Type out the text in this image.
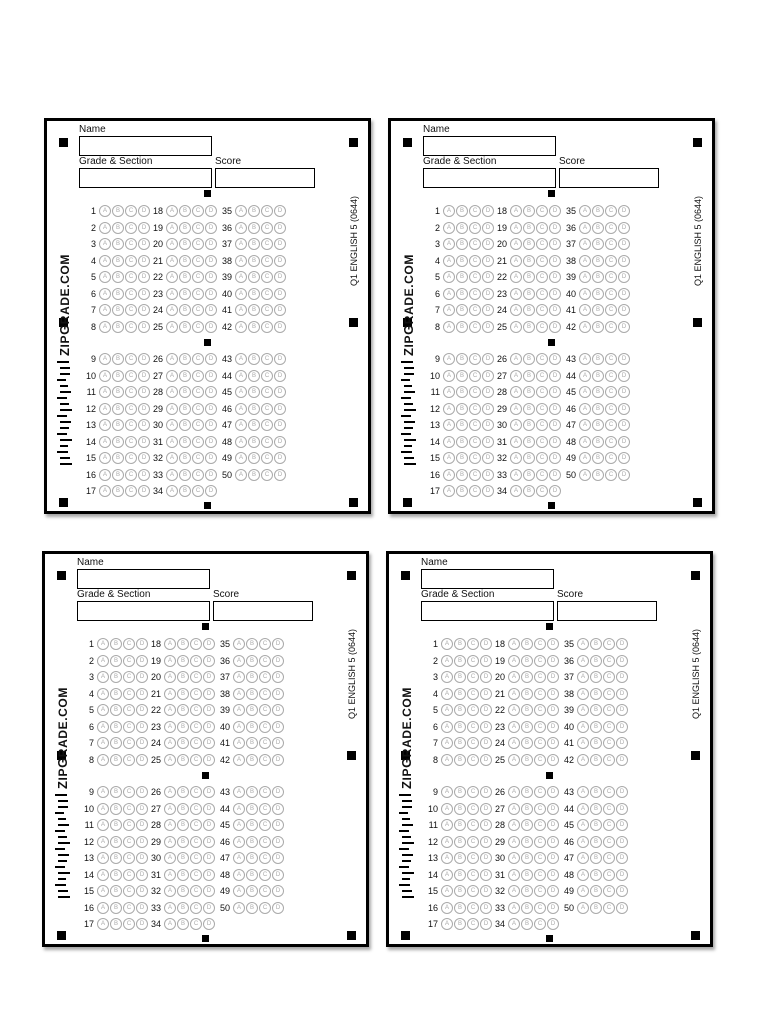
Name
Grade & Section	Score
ZIPGRADE.COM
Q1 ENGLISH 5 (0644)
1	A	B	C	D
2	A	B	C	D
3	A	B	C	D
4	A	B	C	D
5	A	B	C	D
6	A	B	C	D
7	A	B	C	D
8	A	B	C	D
18	A	B	C	D
19	A	B	C	D
20	A	B	C	D
21	A	B	C	D
22	A	B	C	D
23	A	B	C	D
24	A	B	C	D
25	A	B	C	D
35	A	B	C	D
36	A	B	C	D
37	A	B	C	D
38	A	B	C	D
39	A	B	C	D
40	A	B	C	D
41	A	B	C	D
42	A	B	C	D
9	A	B	C	D
10	A	B	C	D
11	A	B	C	D
12	A	B	C	D
13	A	B	C	D
14	A	B	C	D
15	A	B	C	D
16	A	B	C	D
17	A	B	C	D
26	A	B	C	D
27	A	B	C	D
28	A	B	C	D
29	A	B	C	D
30	A	B	C	D
31	A	B	C	D
32	A	B	C	D
33	A	B	C	D
34	A	B	C	D
43	A	B	C	D
44	A	B	C	D
45	A	B	C	D
46	A	B	C	D
47	A	B	C	D
48	A	B	C	D
49	A	B	C	D
50	A	B	C	D
Name
Grade & Section	Score
ZIPGRADE.COM
Q1 ENGLISH 5 (0644)
1	A	B	C	D
2	A	B	C	D
3	A	B	C	D
4	A	B	C	D
5	A	B	C	D
6	A	B	C	D
7	A	B	C	D
8	A	B	C	D
18	A	B	C	D
19	A	B	C	D
20	A	B	C	D
21	A	B	C	D
22	A	B	C	D
23	A	B	C	D
24	A	B	C	D
25	A	B	C	D
35	A	B	C	D
36	A	B	C	D
37	A	B	C	D
38	A	B	C	D
39	A	B	C	D
40	A	B	C	D
41	A	B	C	D
42	A	B	C	D
9	A	B	C	D
10	A	B	C	D
11	A	B	C	D
12	A	B	C	D
13	A	B	C	D
14	A	B	C	D
15	A	B	C	D
16	A	B	C	D
17	A	B	C	D
26	A	B	C	D
27	A	B	C	D
28	A	B	C	D
29	A	B	C	D
30	A	B	C	D
31	A	B	C	D
32	A	B	C	D
33	A	B	C	D
34	A	B	C	D
43	A	B	C	D
44	A	B	C	D
45	A	B	C	D
46	A	B	C	D
47	A	B	C	D
48	A	B	C	D
49	A	B	C	D
50	A	B	C	D
Name
Grade & Section	Score
ZIPGRADE.COM
Q1 ENGLISH 5 (0644)
1	A	B	C	D
2	A	B	C	D
3	A	B	C	D
4	A	B	C	D
5	A	B	C	D
6	A	B	C	D
7	A	B	C	D
8	A	B	C	D
18	A	B	C	D
19	A	B	C	D
20	A	B	C	D
21	A	B	C	D
22	A	B	C	D
23	A	B	C	D
24	A	B	C	D
25	A	B	C	D
35	A	B	C	D
36	A	B	C	D
37	A	B	C	D
38	A	B	C	D
39	A	B	C	D
40	A	B	C	D
41	A	B	C	D
42	A	B	C	D
9	A	B	C	D
10	A	B	C	D
11	A	B	C	D
12	A	B	C	D
13	A	B	C	D
14	A	B	C	D
15	A	B	C	D
16	A	B	C	D
17	A	B	C	D
26	A	B	C	D
27	A	B	C	D
28	A	B	C	D
29	A	B	C	D
30	A	B	C	D
31	A	B	C	D
32	A	B	C	D
33	A	B	C	D
34	A	B	C	D
43	A	B	C	D
44	A	B	C	D
45	A	B	C	D
46	A	B	C	D
47	A	B	C	D
48	A	B	C	D
49	A	B	C	D
50	A	B	C	D
Name
Grade & Section	Score
ZIPGRADE.COM
Q1 ENGLISH 5 (0644)
1	A	B	C	D
2	A	B	C	D
3	A	B	C	D
4	A	B	C	D
5	A	B	C	D
6	A	B	C	D
7	A	B	C	D
8	A	B	C	D
18	A	B	C	D
19	A	B	C	D
20	A	B	C	D
21	A	B	C	D
22	A	B	C	D
23	A	B	C	D
24	A	B	C	D
25	A	B	C	D
35	A	B	C	D
36	A	B	C	D
37	A	B	C	D
38	A	B	C	D
39	A	B	C	D
40	A	B	C	D
41	A	B	C	D
42	A	B	C	D
9	A	B	C	D
10	A	B	C	D
11	A	B	C	D
12	A	B	C	D
13	A	B	C	D
14	A	B	C	D
15	A	B	C	D
16	A	B	C	D
17	A	B	C	D
26	A	B	C	D
27	A	B	C	D
28	A	B	C	D
29	A	B	C	D
30	A	B	C	D
31	A	B	C	D
32	A	B	C	D
33	A	B	C	D
34	A	B	C	D
43	A	B	C	D
44	A	B	C	D
45	A	B	C	D
46	A	B	C	D
47	A	B	C	D
48	A	B	C	D
49	A	B	C	D
50	A	B	C	D
